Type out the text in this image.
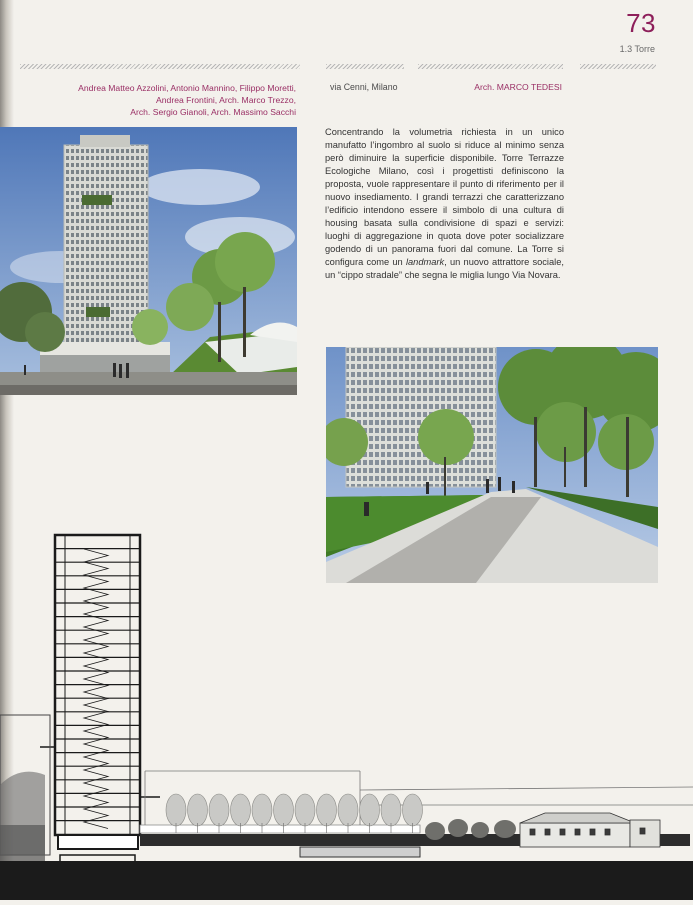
73
1.3 Torre
Andrea Matteo Azzolini, Antonio Mannino, Filippo Moretti,
Andrea Frontini, Arch. Marco Trezzo,
Arch. Sergio Gianoli, Arch. Massimo Sacchi
via Cenni, Milano	Arch. MARCO TEDESI
Concentrando la volumetria richiesta in un unico manufatto l’ingombro al suolo si riduce al minimo senza però diminuire la superficie disponibile. Torre Terrazze Ecologiche Milano, così i progettisti definiscono la proposta, vuole rappresentare il punto di riferimento per il nuovo insediamento. I grandi terrazzi che caratterizzano l’edificio intendono essere il simbolo di una cultura di housing basata sulla condivisione di spazi e servizi: luoghi di aggregazione in quota dove poter socializzare godendo di un panorama fuori dal comune. La Torre si configura come un landmark, un nuovo attrattore sociale, un “cippo stradale” che segna le miglia lungo Via Novara.
